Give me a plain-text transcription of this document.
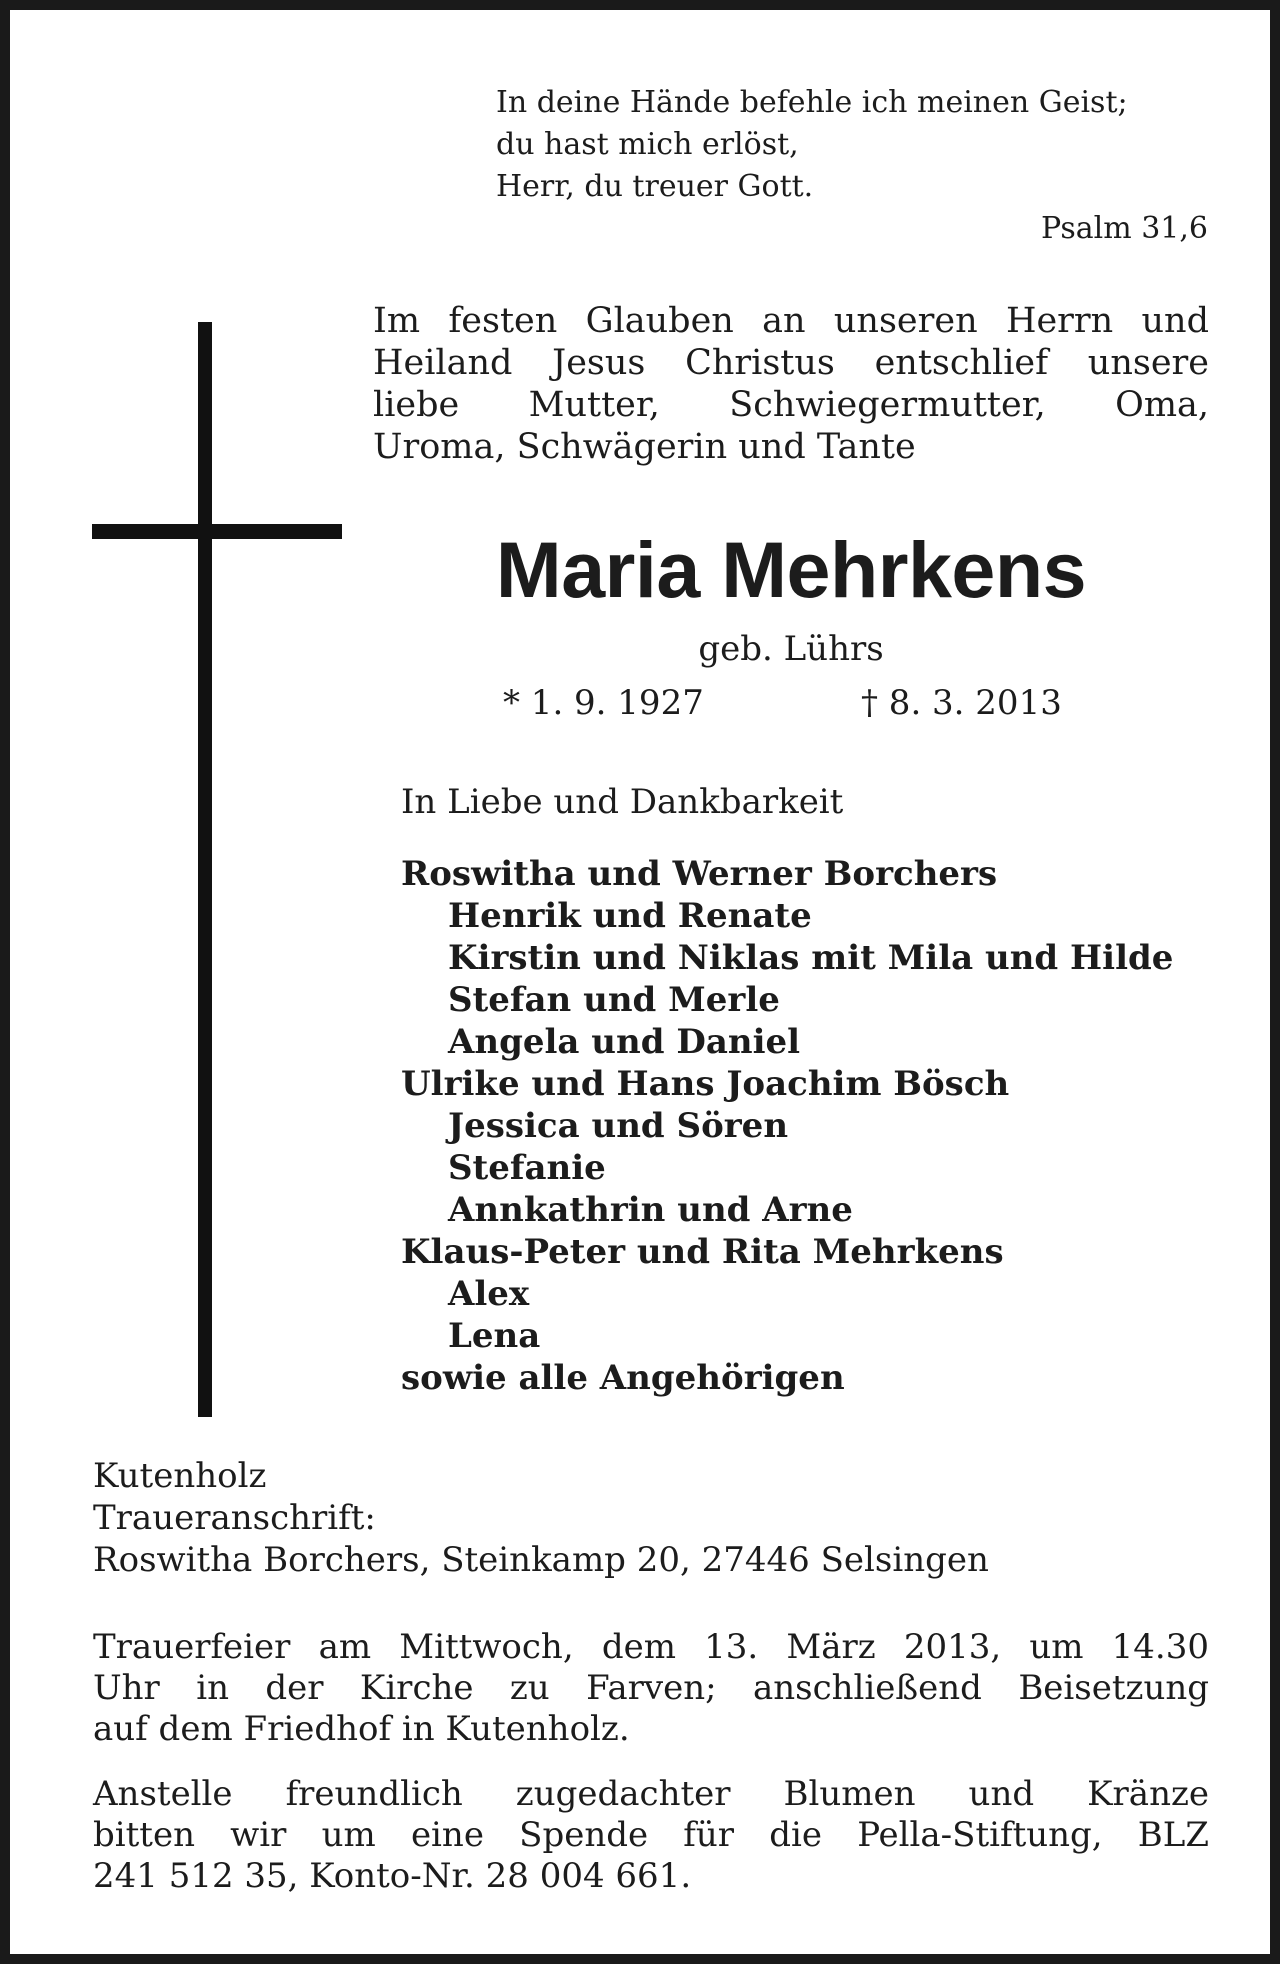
In deine Hände befehle ich meinen Geist;
du hast mich erlöst,
Herr, du treuer Gott.
Psalm 31,6
Im festen Glauben an unseren Herrn und
Heiland Jesus Christus entschlief unsere
liebe Mutter, Schwiegermutter, Oma,
Uroma, Schwägerin und Tante
Maria Mehrkens
geb. Lührs
* 1. 9. 1927	† 8. 3. 2013
In Liebe und Dankbarkeit
Roswitha und Werner Borchers
Henrik und Renate
Kirstin und Niklas mit Mila und Hilde
Stefan und Merle
Angela und Daniel
Ulrike und Hans Joachim Bösch
Jessica und Sören
Stefanie
Annkathrin und Arne
Klaus-Peter und Rita Mehrkens
Alex
Lena
sowie alle Angehörigen
Kutenholz
Traueranschrift:
Roswitha Borchers, Steinkamp 20, 27446 Selsingen
Trauerfeier am Mittwoch, dem 13. März 2013, um 14.30
Uhr in der Kirche zu Farven; anschließend Beisetzung
auf dem Friedhof in Kutenholz.
Anstelle freundlich zugedachter Blumen und Kränze
bitten wir um eine Spende für die Pella-Stiftung, BLZ
241 512 35, Konto-Nr. 28 004 661.
